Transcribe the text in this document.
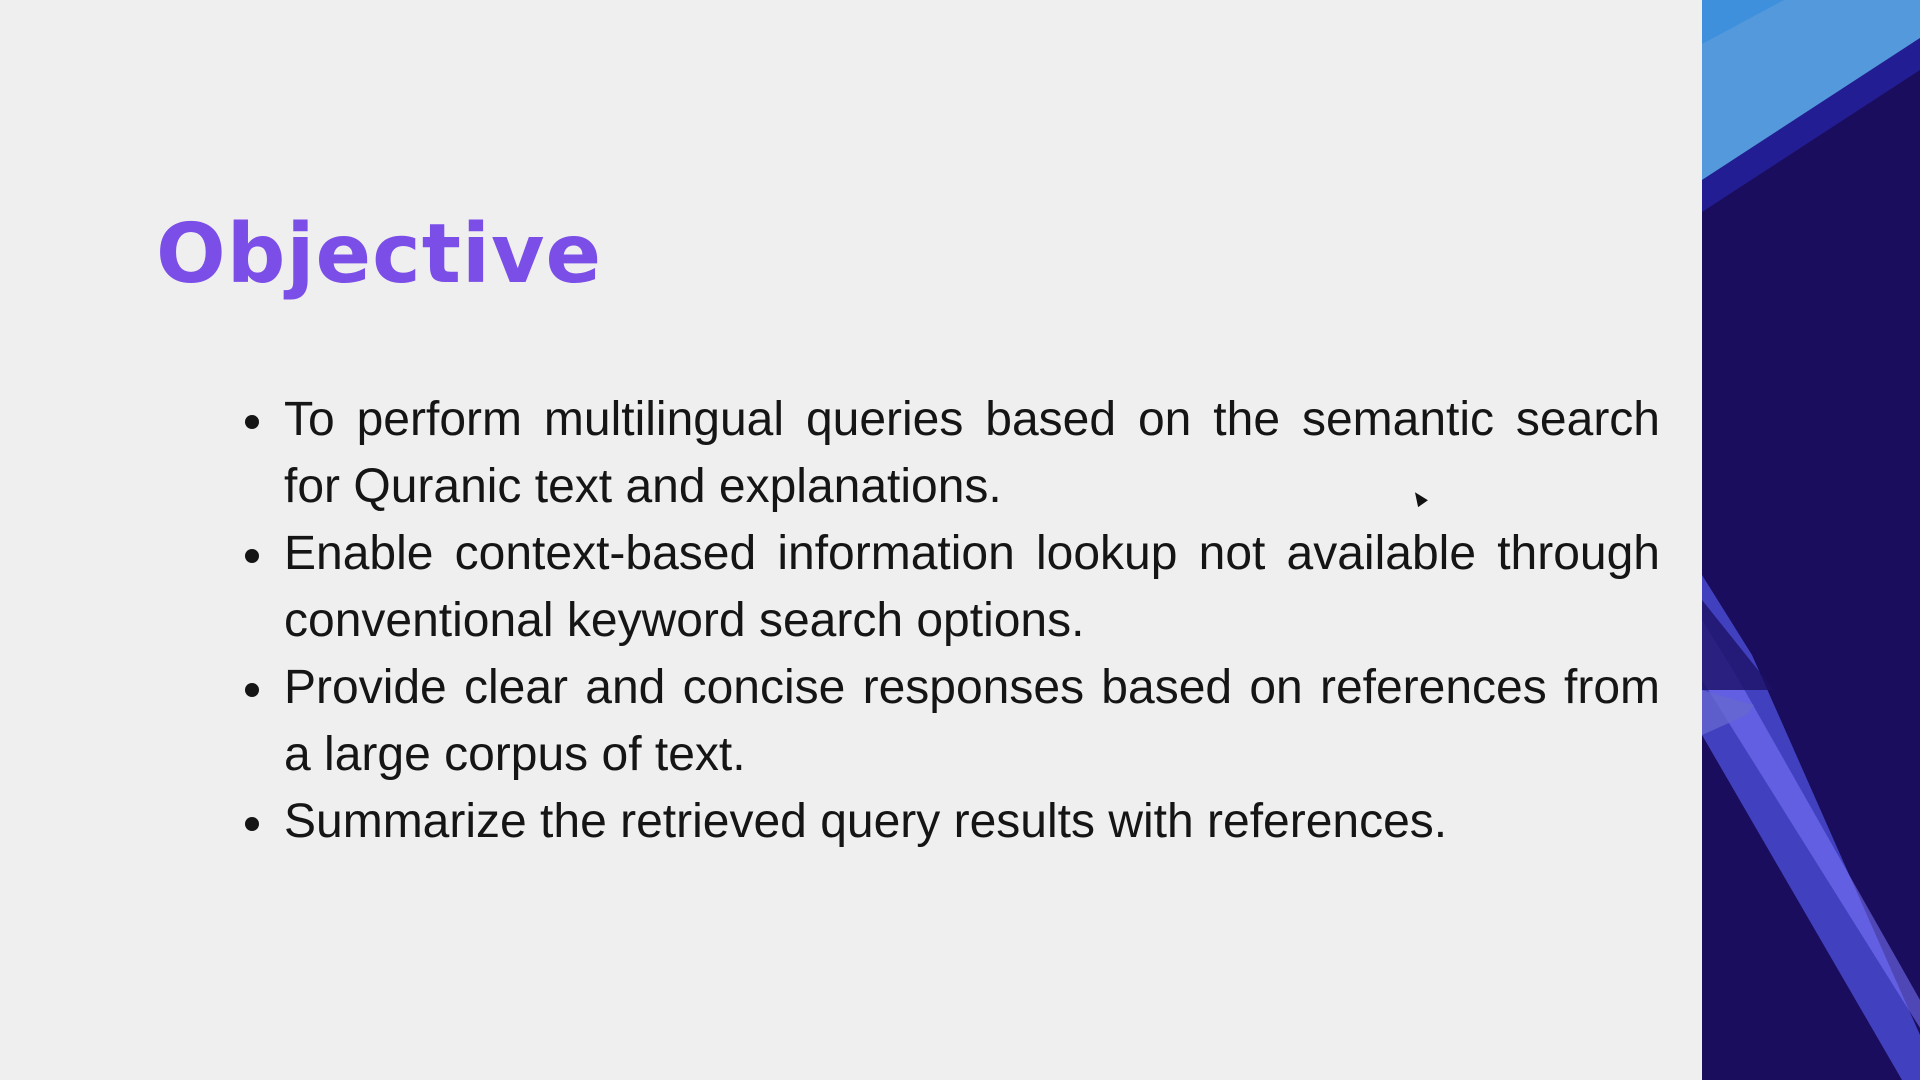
Objective
To perform multilingual queries based on the semantic search for Quranic text and explanations.
Enable context-based information lookup not available through conventional keyword search options.
Provide clear and concise responses based on references from a large corpus of text.
Summarize the retrieved query results with references.
